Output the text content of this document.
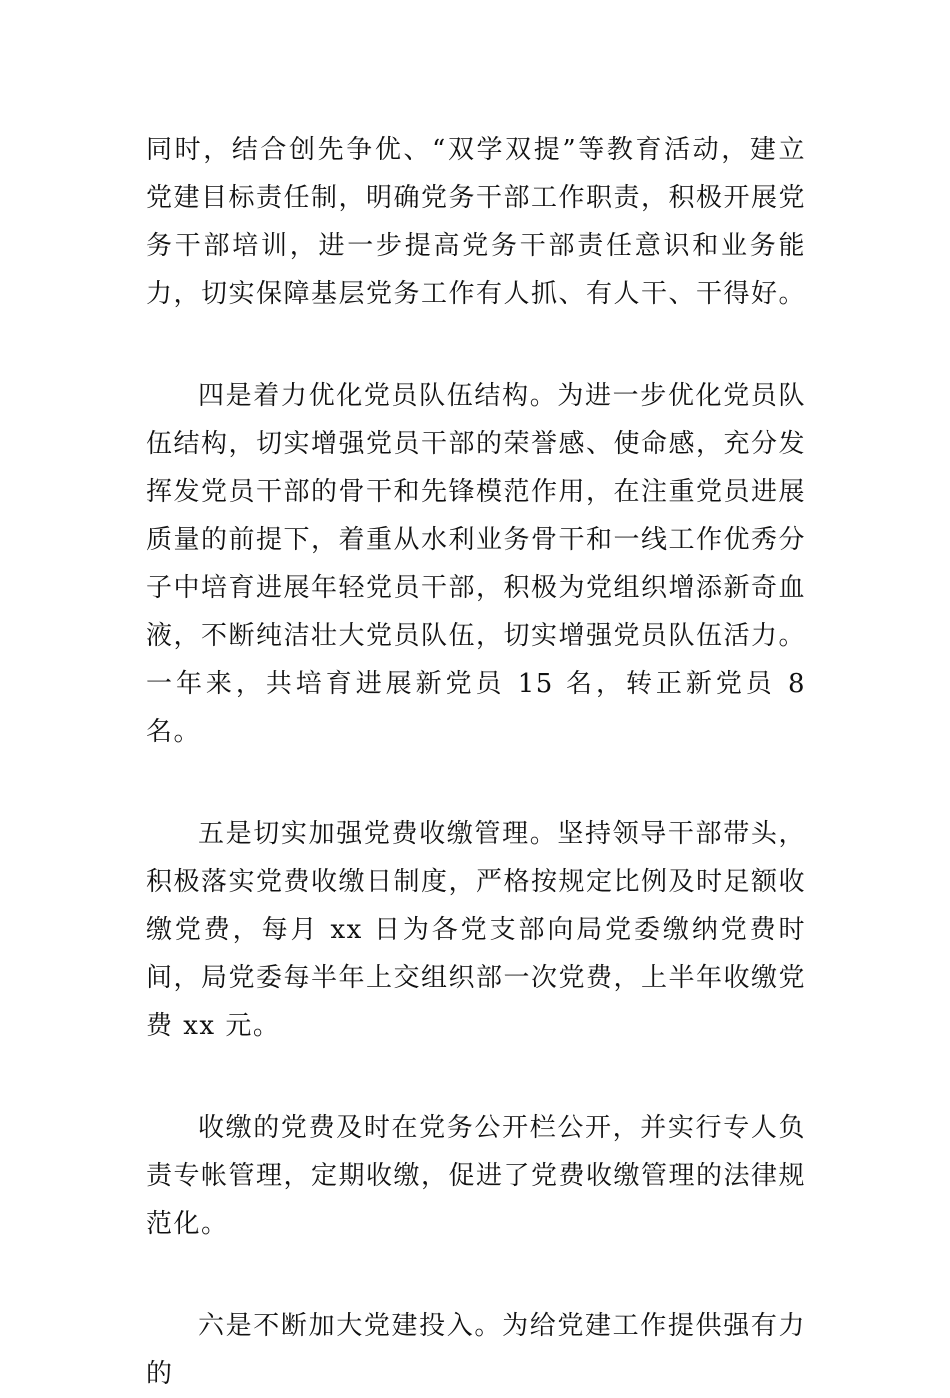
同时，结合创先争优、“双学双提”等教育活动，建立党建目标责任制，明确党务干部工作职责，积极开展党务干部培训，进一步提高党务干部责任意识和业务能力，切实保障基层党务工作有人抓、有人干、干得好。

四是着力优化党员队伍结构。为进一步优化党员队伍结构，切实增强党员干部的荣誉感、使命感，充分发挥发党员干部的骨干和先锋模范作用，在注重党员进展质量的前提下，着重从水利业务骨干和一线工作优秀分子中培育进展年轻党员干部，积极为党组织增添新奇血液，不断纯洁壮大党员队伍，切实增强党员队伍活力。一年来，共培育进展新党员 15 名，转正新党员 8 名。

五是切实加强党费收缴管理。坚持领导干部带头，积极落实党费收缴日制度，严格按规定比例及时足额收缴党费，每月 xx 日为各党支部向局党委缴纳党费时间，局党委每半年上交组织部一次党费，上半年收缴党费 xx 元。

收缴的党费及时在党务公开栏公开，并实行专人负责专帐管理，定期收缴，促进了党费收缴管理的法律规范化。

六是不断加大党建投入。为给党建工作提供强有力的
